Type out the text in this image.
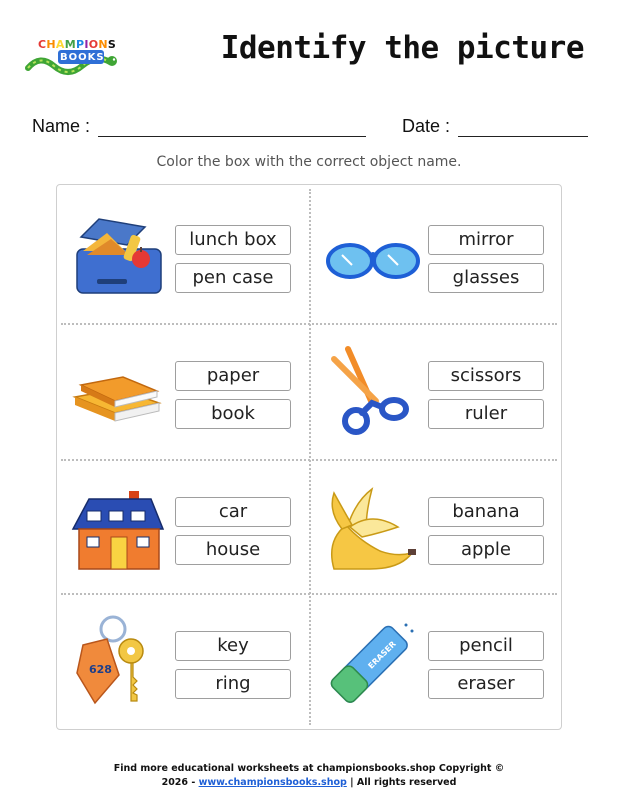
CHAMPIONS
BOOKS	Identify the picture
Name :	Date :
Color the box with the correct object name.
lunch box
pen case
mirror
glasses
paper
book
scissors
ruler
car
house
banana
apple
628
key
ring
ERASER	pencil
eraser
Find more educational worksheets at championsbooks.shop Copyright ©
2026 - www.championsbooks.shop | All rights reserved
